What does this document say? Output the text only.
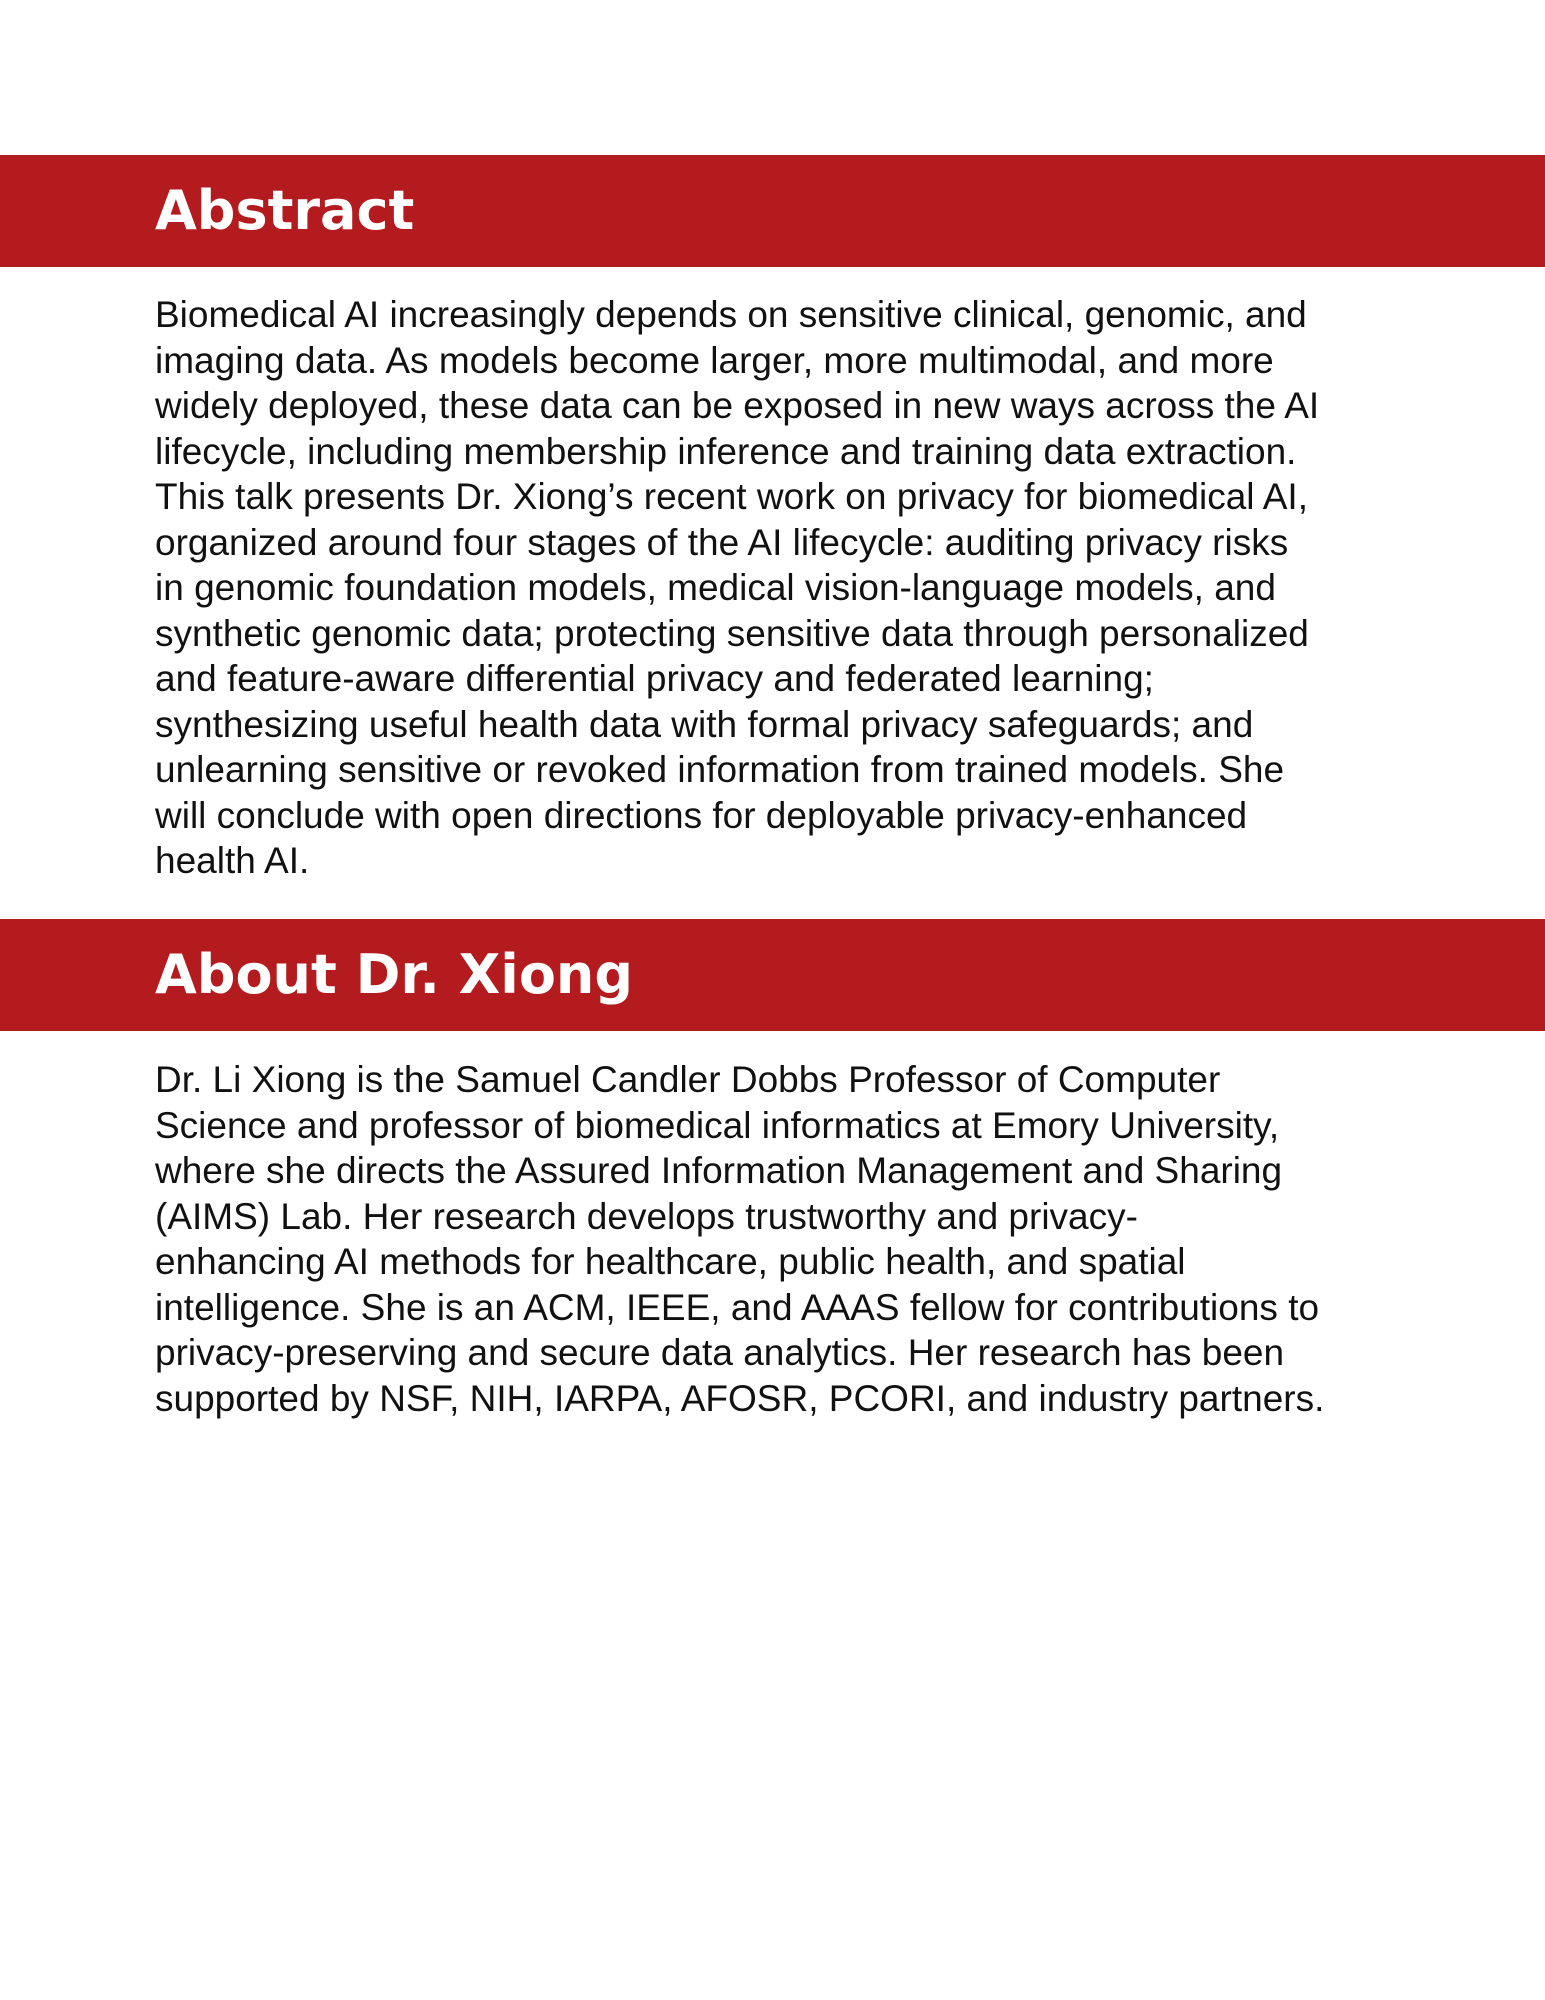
Abstract

Biomedical AI increasingly depends on sensitive clinical, genomic, and
imaging data. As models become larger, more multimodal, and more
widely deployed, these data can be exposed in new ways across the AI
lifecycle, including membership inference and training data extraction.
This talk presents Dr. Xiong’s recent work on privacy for biomedical AI,
organized around four stages of the AI lifecycle: auditing privacy risks
in genomic foundation models, medical vision-language models, and
synthetic genomic data; protecting sensitive data through personalized
and feature-aware differential privacy and federated learning;
synthesizing useful health data with formal privacy safeguards; and
unlearning sensitive or revoked information from trained models. She
will conclude with open directions for deployable privacy-enhanced
health AI.

About Dr. Xiong

Dr. Li Xiong is the Samuel Candler Dobbs Professor of Computer
Science and professor of biomedical informatics at Emory University,
where she directs the Assured Information Management and Sharing
(AIMS) Lab. Her research develops trustworthy and privacy-
enhancing AI methods for healthcare, public health, and spatial
intelligence. She is an ACM, IEEE, and AAAS fellow for contributions to
privacy-preserving and secure data analytics. Her research has been
supported by NSF, NIH, IARPA, AFOSR, PCORI, and industry partners.
